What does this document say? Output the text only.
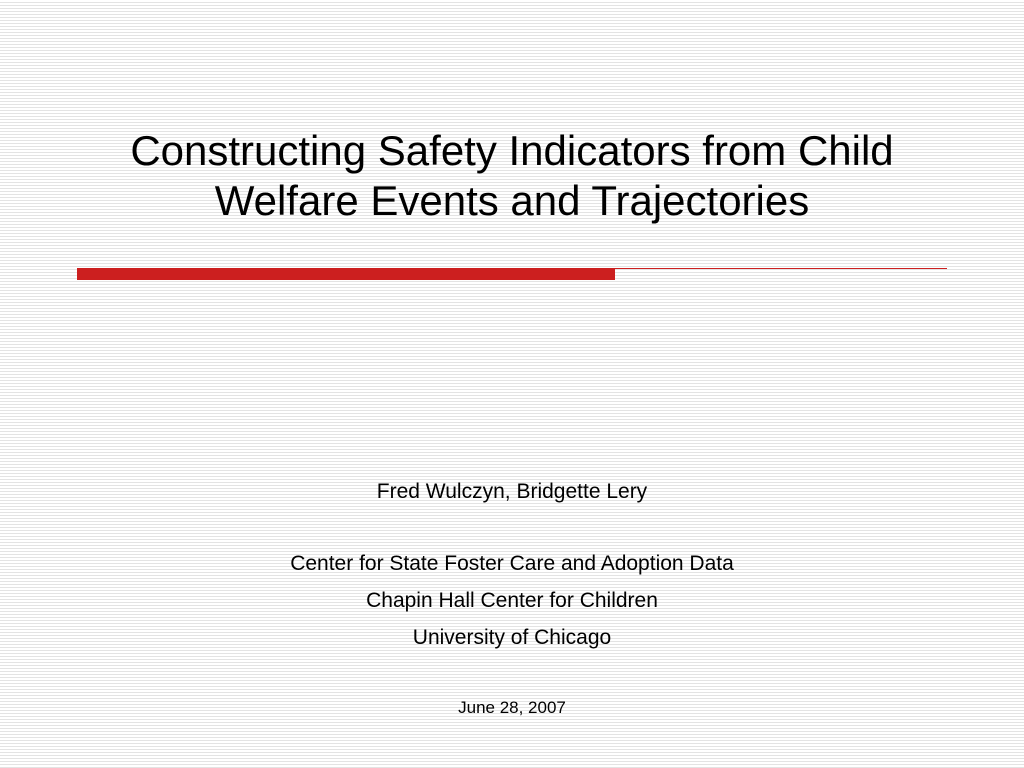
Constructing Safety Indicators from Child
Welfare Events and Trajectories

Fred Wulczyn, Bridgette Lery

Center for State Foster Care and Adoption Data

Chapin Hall Center for Children

University of Chicago

June 28, 2007
